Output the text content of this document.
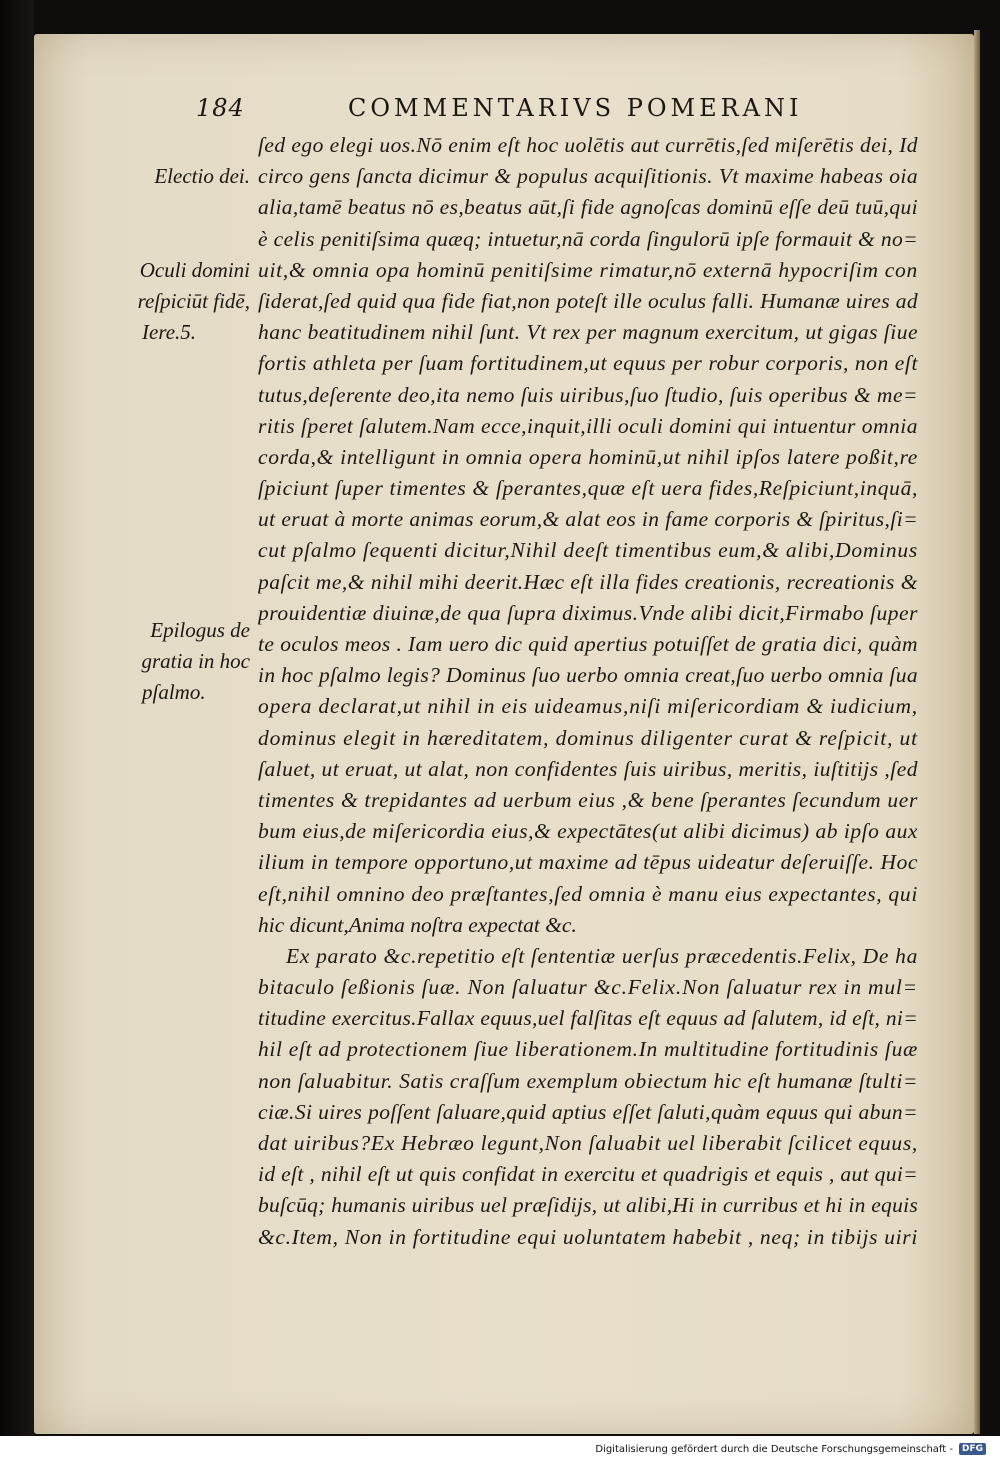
184	COMMENTARIVS POMERANI
ſed ego elegi uos.Nō enim eſt hoc uolētis aut currētis,ſed miſerētis dei, Id
circo gens ſancta dicimur & populus acquiſitionis. Vt maxime habeas oia
alia,tamē beatus nō es,beatus aūt,ſi fide agnoſcas dominū eſſe deū tuū,qui
è celis penitiſsima quæq; intuetur,nā corda ſingulorū ipſe formauit & no=
uit,& omnia opa hominū penitiſsime rimatur,nō externā hypocriſim con
ſiderat,ſed quid qua fide fiat,non poteſt ille oculus falli. Humanæ uires ad
hanc beatitudinem nihil ſunt. Vt rex per magnum exercitum, ut gigas ſiue
fortis athleta per ſuam fortitudinem,ut equus per robur corporis, non eſt
tutus,deſerente deo,ita nemo ſuis uiribus,ſuo ſtudio, ſuis operibus & me=
ritis ſperet ſalutem.Nam ecce,inquit,illi oculi domini qui intuentur omnia
corda,& intelligunt in omnia opera hominū,ut nihil ipſos latere poßit,re
ſpiciunt ſuper timentes & ſperantes,quæ eſt uera fides,Reſpiciunt,inquā,
ut eruat à morte animas eorum,& alat eos in fame corporis & ſpiritus,ſi=
cut pſalmo ſequenti dicitur,Nihil deeſt timentibus eum,& alibi,Dominus
paſcit me,& nihil mihi deerit.Hæc eſt illa fides creationis, recreationis &
prouidentiæ diuinæ,de qua ſupra diximus.Vnde alibi dicit,Firmabo ſuper
te oculos meos . Iam uero dic quid apertius potuiſſet de gratia dici, quàm
in hoc pſalmo legis? Dominus ſuo uerbo omnia creat,ſuo uerbo omnia ſua
opera declarat,ut nihil in eis uideamus,niſi miſericordiam & iudicium,
dominus elegit in hæreditatem, dominus diligenter curat & reſpicit, ut
ſaluet, ut eruat, ut alat, non confidentes ſuis uiribus, meritis, iuſtitijs ,ſed
timentes & trepidantes ad uerbum eius ,& bene ſperantes ſecundum uer
bum eius,de miſericordia eius,& expectātes(ut alibi dicimus) ab ipſo aux
ilium in tempore opportuno,ut maxime ad tēpus uideatur deſeruiſſe. Hoc
eſt,nihil omnino deo præſtantes,ſed omnia è manu eius expectantes, qui
hic dicunt,Anima noſtra expectat &c.
Ex parato &c.repetitio eſt ſententiæ uerſus præcedentis.Felix, De ha
bitaculo ſeßionis ſuæ. Non ſaluatur &c.Felix.Non ſaluatur rex in mul=
titudine exercitus.Fallax equus,uel falſitas eſt equus ad ſalutem, id eſt, ni=
hil eſt ad protectionem ſiue liberationem.In multitudine fortitudinis ſuæ
non ſaluabitur. Satis craſſum exemplum obiectum hic eſt humanæ ſtulti=
ciæ.Si uires poſſent ſaluare,quid aptius eſſet ſaluti,quàm equus qui abun=
dat uiribus?Ex Hebræo legunt,Non ſaluabit uel liberabit ſcilicet equus,
id eſt , nihil eſt ut quis confidat in exercitu et quadrigis et equis , aut qui=
buſcūq; humanis uiribus uel præſidijs, ut alibi,Hi in curribus et hi in equis
&c.Item, Non in fortitudine equi uoluntatem habebit , neq; in tibijs uiri
Electio dei.
Oculi domini
reſpiciūt fidē,
Iere.5.
Epilogus de
gratia in hoc
pſalmo.
Digitalisierung gefördert durch die Deutsche Forschungsgemeinschaft -	DFG
